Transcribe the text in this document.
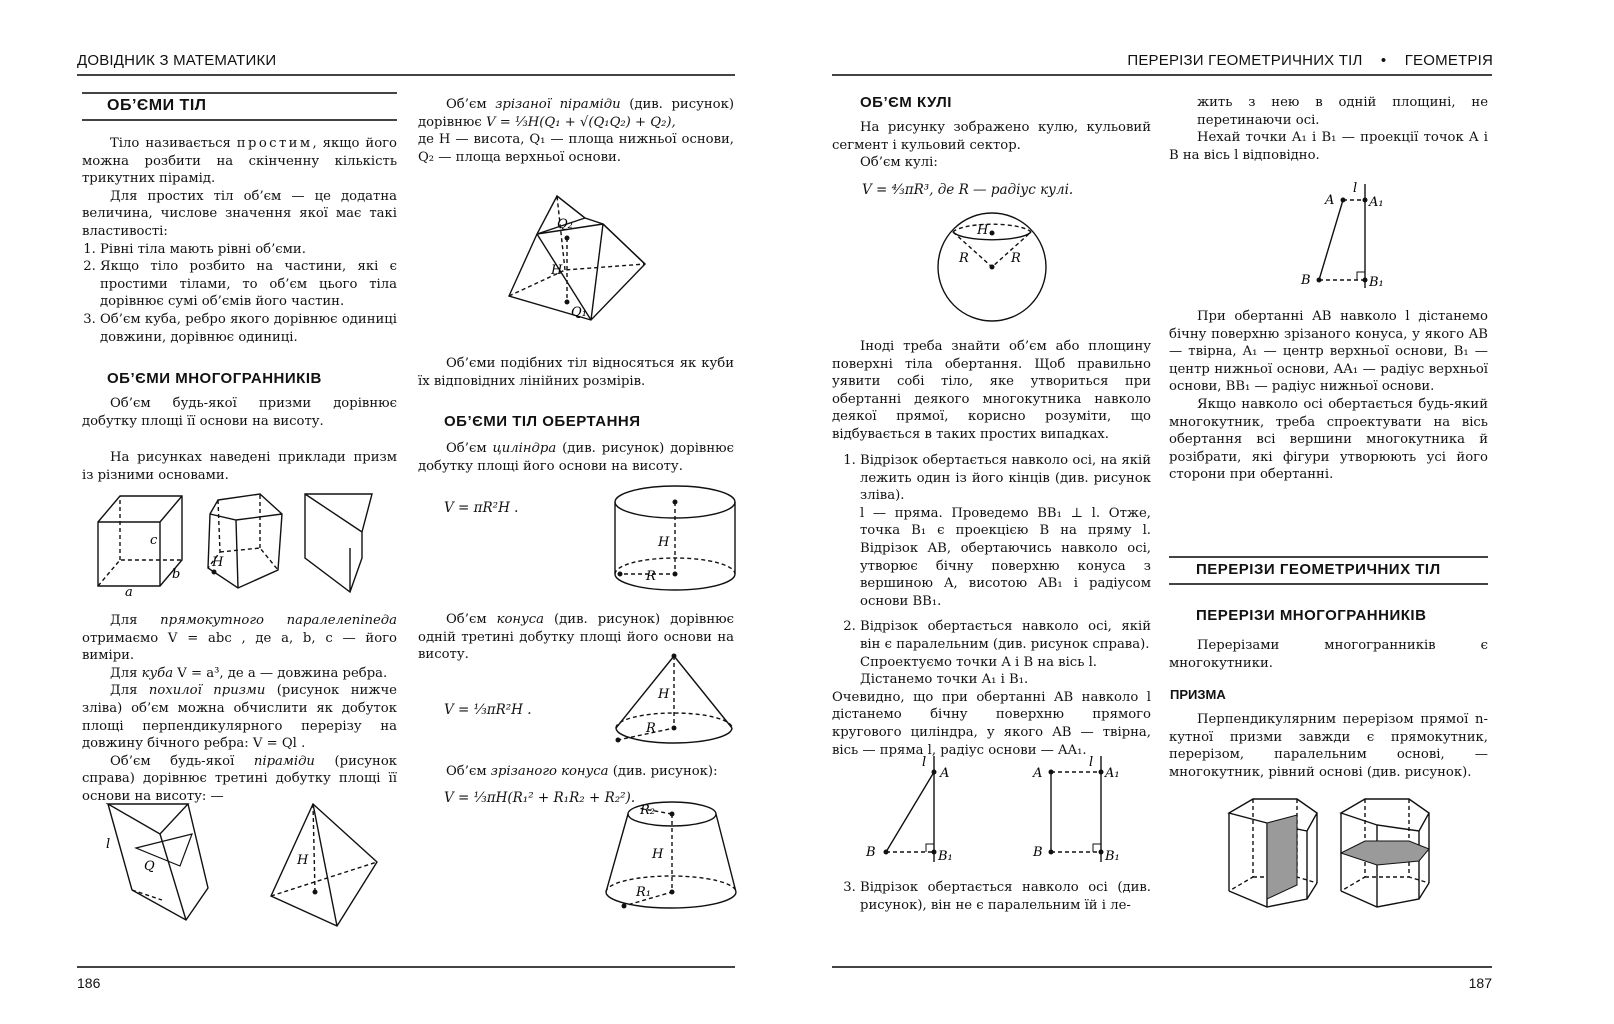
ДОВІДНИК З МАТЕМАТИКИ	ПЕРЕРІЗИ ГЕОМЕТРИЧНИХ ТІЛ • ГЕОМЕТРІЯ
ОБ’ЄМИ ТІЛ

Тіло називається простим, якщо його можна розбити на скінченну кількість трикутних пірамід.

Для простих тіл об’єм — це додатна величина, числове значення якої має такі властивості:

1. Рівні тіла мають рівні об’єми.
2. Якщо тіло розбито на частини, які є простими тілами, то об’єм цього тіла дорівнює сумі об’ємів його частин.
3. Об’єм куба, ребро якого дорівнює одиниці довжини, дорівнює одиниці.
ОБ’ЄМИ МНОГОГРАННИКІВ

Об’єм будь-якої призми дорівнює добутку площі її основи на висоту.

На рисунках наведені приклади призм із різними основами.

H
c
b
a

Для прямокутного паралелепіпеда отримаємо V = abc , де a, b, c — його виміри.

Для куба V = a³, де a — довжина ребра.

Для похилої призми (рисунок нижче зліва) об’єм можна обчислити як добуток площі перпендикулярного перерізу на довжину бічного ребра: V = Ql .

Об’єм будь-якої піраміди (рисунок справа) дорівнює третині добутку площі її основи на висоту: —

l
Q	H

Об’єм зрізаної піраміди (див. рисунок) дорівнює V = ⅓H(Q₁ + √(Q₁Q₂) + Q₂),

де H — висота, Q₁ — площа нижньої основи, Q₂ — площа верхньої основи.

Q₂
H
Q₁

Об’єми подібних тіл відносяться як куби їх відповідних лінійних розмірів.

ОБ’ЄМИ ТІЛ ОБЕРТАННЯ

Об’єм циліндра (див. рисунок) дорівнює добутку площі його основи на висоту.

V = πR²H .
H
R

Об’єм конуса (див. рисунок) дорівнює одній третині добутку площі його основи на висоту.

V = ⅓πR²H .
H
R

Об’єм зрізаного конуса (див. рисунок):

V = ⅓πH(R₁² + R₁R₂ + R₂²).
R₂
H
R₁
ОБ’ЄМ КУЛІ

На рисунку зображено кулю, кульовий сегмент і кульовий сектор.

Об’єм кулі:

V = ⁴⁄₃πR³, де R — радіус кулі.
H
R	R

Іноді треба знайти об’єм або площину поверхні тіла обертання. Щоб правильно уявити собі тіло, яке утвориться при обертанні деякого многокутника навколо деякої прямої, корисно розуміти, що відбувається в таких простих випадках.

1. Відрізок обертається навколо осі, на якій лежить один із його кінців (див. рисунок зліва).

l — пряма. Проведемо BB₁ ⊥ l. Отже, точка B₁ є проекцією B на пряму l. Відрізок AB, обертаючись навколо осі, утворює бічну поверхню конуса з вершиною A, висотою AB₁ і радіусом основи BB₁.

2. Відрізок обертається навколо осі, якій він є паралельним (див. рисунок справа).

Спроектуємо точки A і B на вісь l.

Дістанемо точки A₁ і B₁.

Очевидно, що при обертанні AB навколо l дістанемо бічну поверхню прямого кругового циліндра, у якого AB — твірна, вісь — пряма l, радіус основи — AA₁.

l
A
B	B₁
l
A	A₁
B	B₁
3. Відрізок обертається навколо осі (див. рисунок), він не є паралельним їй і ле-

жить з нею в одній площині, не перетинаючи осі.

Нехай точки A₁ і B₁ — проекції точок A і B на вісь l відповідно.

l
A	A₁
B	B₁

При обертанні AB навколо l дістанемо бічну поверхню зрізаного конуса, у якого AB — твірна, A₁ — центр верхньої основи, B₁ — центр нижньої основи, AA₁ — радіус верхньої основи, BB₁ — радіус нижньої основи.

Якщо навколо осі обертається будь-який многокутник, треба спроектувати на вісь обертання всі вершини многокутника й розібрати, які фігури утворюють усі його сторони при обертанні.

ПЕРЕРІЗИ ГЕОМЕТРИЧНИХ ТІЛ
ПЕРЕРІЗИ МНОГОГРАННИКІВ

Перерізами многогранників є многокутники.

ПРИЗМА

Перпендикулярним перерізом прямої n-кутної призми завжди є прямокутник, перерізом, паралельним основі, — многокутник, рівний основі (див. рисунок).

186	187
